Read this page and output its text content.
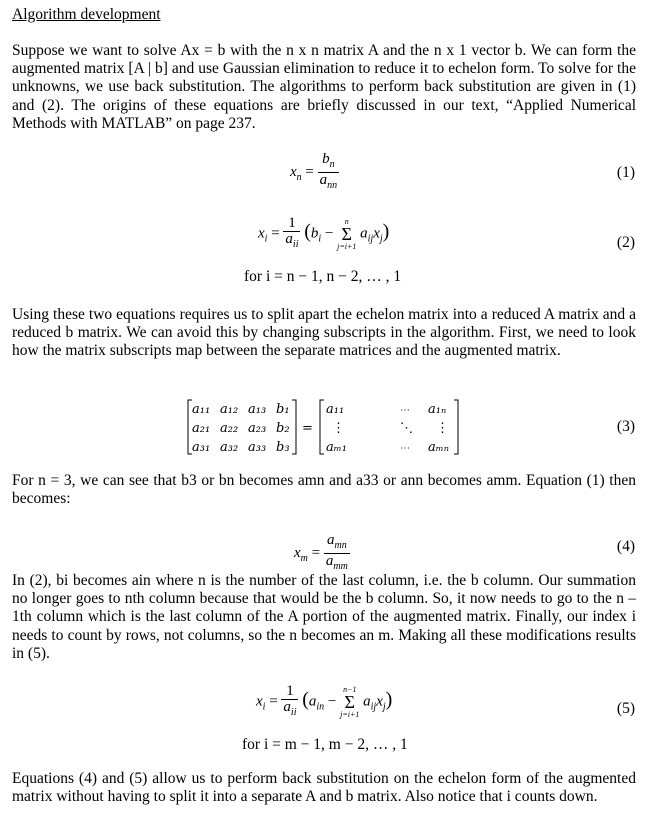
Algorithm development

Suppose we want to solve Ax = b with the n x n matrix A and the n x 1 vector b. We can form the augmented matrix [A | b] and use Gaussian elimination to reduce it to echelon form. To solve for the unknowns, we use back substitution. The algorithms to perform back substitution are given in (1) and (2). The origins of these equations are briefly discussed in our text, “Applied Numerical Methods with MATLAB” on page 237.

$x_n = \frac{b_n}{a_{nn}}$	(1)
$x_i = \frac{1}{a_{ii}} (b_i$ −
n
Σ
j=i+1
$a_{ij}x_j$)
(2)
for i = n − 1, n − 2, … , 1

Using these two equations requires us to split apart the echelon matrix into a reduced A matrix and a reduced b matrix. We can avoid this by changing subscripts in the algorithm. First, we need to look how the matrix subscripts map between the separate matrices and the augmented matrix.

a₁₁ a₁₂ a₁₃ b₁
a₂₁ a₂₂ a₂₃ b₂
a₃₁ a₃₂ a₃₃ b₃
=
a₁₁	⋯ a₁ₙ
⋮	⋱ ⋮
aₘ₁	⋯ aₘₙ
(3)

For n = 3, we can see that b3 or bn becomes amn and a33 or ann becomes amm. Equation (1) then becomes:

$x_m = \frac{a_{mn}}{a_{mm}}$	(4)

In (2), bi becomes ain where n is the number of the last column, i.e. the b column. Our summation no longer goes to nth column because that would be the b column. So, it now needs to go to the n – 1th column which is the last column of the A portion of the augmented matrix. Finally, our index i needs to count by rows, not columns, so the n becomes an m. Making all these modifications results in (5).

$x_i = \frac{1}{a_{ii}} (a_{in}$ −
n−1
Σ
j=i+1
$a_{ij}x_j$)	(5)
for i = m − 1, m − 2, … , 1

Equations (4) and (5) allow us to perform back substitution on the echelon form of the augmented matrix without having to split it into a separate A and b matrix. Also notice that i counts down.
